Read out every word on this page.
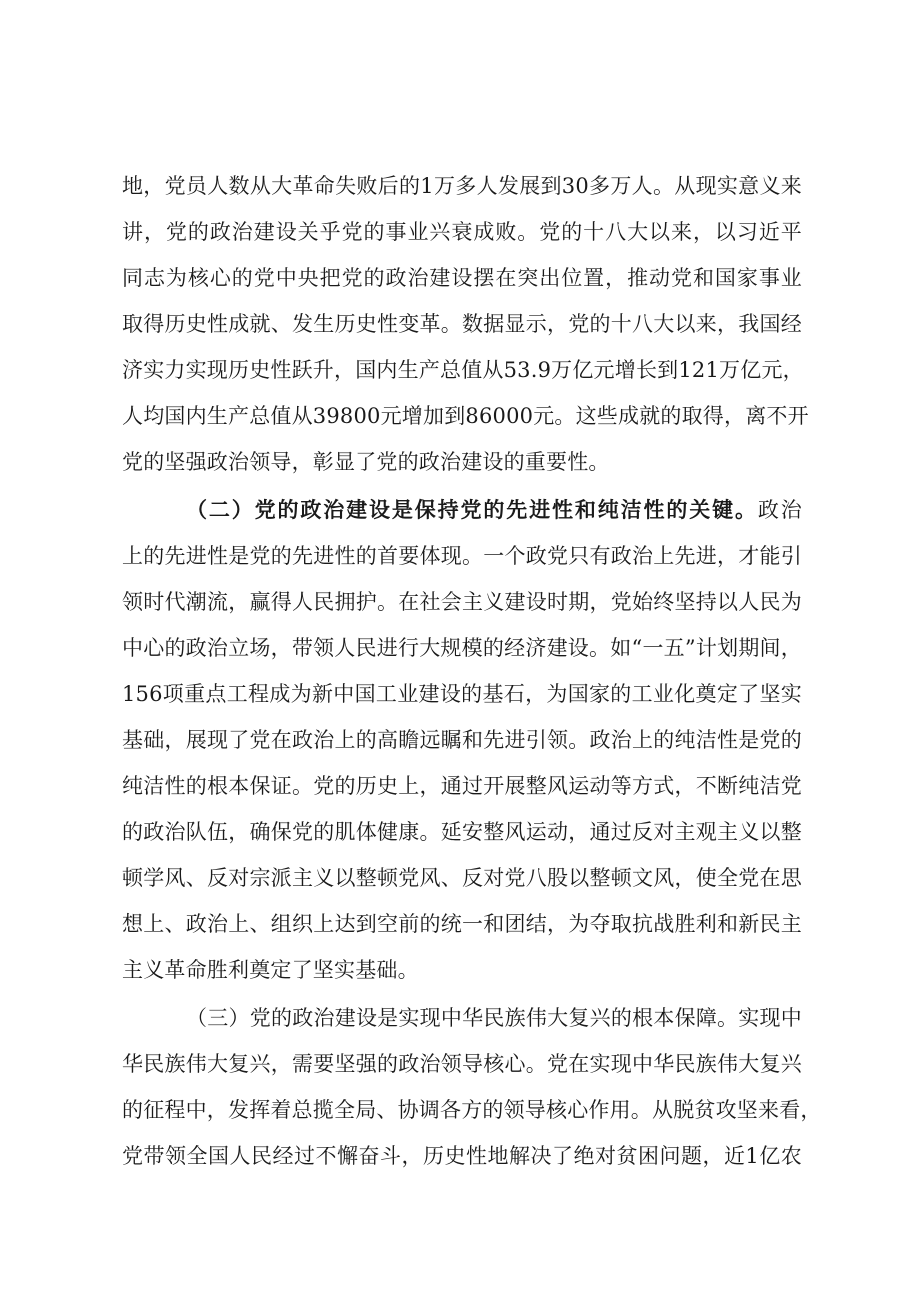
地，党员人数从大革命失败后的1万多人发展到30多万人。从现实意义来
讲，党的政治建设关乎党的事业兴衰成败。党的十八大以来，以习近平
同志为核心的党中央把党的政治建设摆在突出位置，推动党和国家事业
取得历史性成就、发生历史性变革。数据显示，党的十八大以来，我国经
济实力实现历史性跃升，国内生产总值从53.9万亿元增长到121万亿元，
人均国内生产总值从39800元增加到86000元。这些成就的取得，离不开
党的坚强政治领导，彰显了党的政治建设的重要性。
（二）党的政治建设是保持党的先进性和纯洁性的关键。政治
上的先进性是党的先进性的首要体现。一个政党只有政治上先进，才能引
领时代潮流，赢得人民拥护。在社会主义建设时期，党始终坚持以人民为
中心的政治立场，带领人民进行大规模的经济建设。如“一五”计划期间，
156项重点工程成为新中国工业建设的基石，为国家的工业化奠定了坚实
基础，展现了党在政治上的高瞻远瞩和先进引领。政治上的纯洁性是党的
纯洁性的根本保证。党的历史上，通过开展整风运动等方式，不断纯洁党
的政治队伍，确保党的肌体健康。延安整风运动，通过反对主观主义以整
顿学风、反对宗派主义以整顿党风、反对党八股以整顿文风，使全党在思
想上、政治上、组织上达到空前的统一和团结，为夺取抗战胜利和新民主
主义革命胜利奠定了坚实基础。
（三）党的政治建设是实现中华民族伟大复兴的根本保障。实现中
华民族伟大复兴，需要坚强的政治领导核心。党在实现中华民族伟大复兴
的征程中，发挥着总揽全局、协调各方的领导核心作用。从脱贫攻坚来看，
党带领全国人民经过不懈奋斗，历史性地解决了绝对贫困问题，近1亿农
